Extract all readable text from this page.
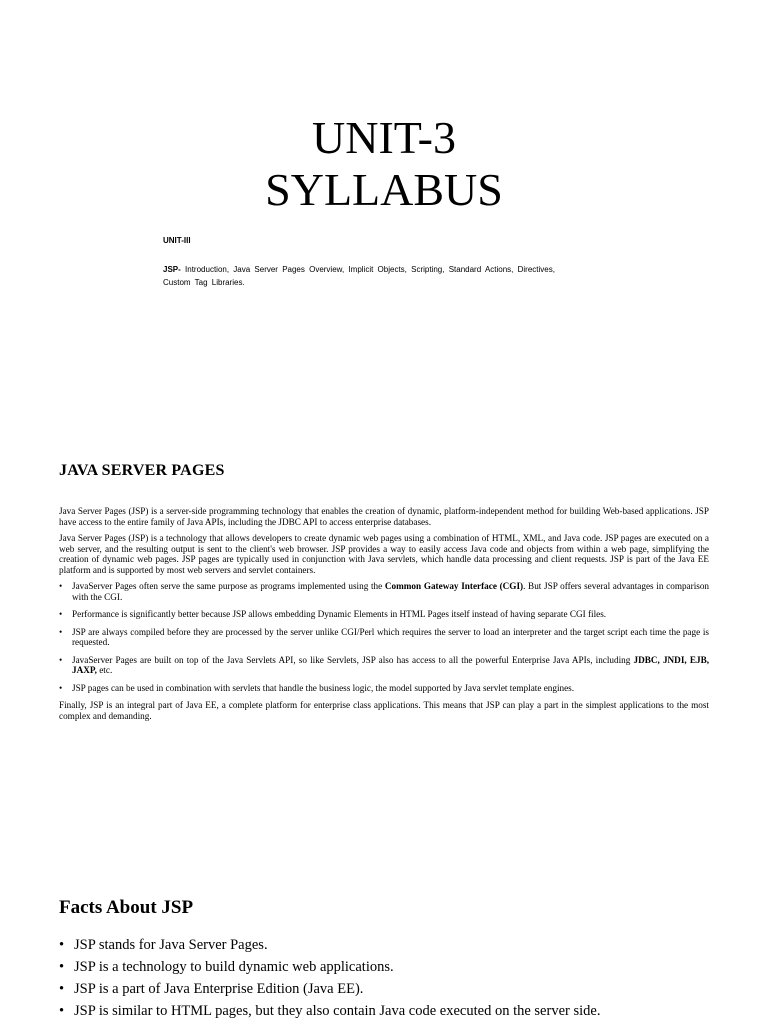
UNIT-3
SYLLABUS
UNIT-III
JSP- Introduction, Java Server Pages Overview, Implicit Objects, Scripting, Standard Actions, Directives, Custom Tag Libraries.
JAVA SERVER PAGES

Java Server Pages (JSP) is a server-side programming technology that enables the creation of dynamic, platform-independent method for building Web-based applications. JSP have access to the entire family of Java APIs, including the JDBC API to access enterprise databases.

Java Server Pages (JSP) is a technology that allows developers to create dynamic web pages using a combination of HTML, XML, and Java code. JSP pages are executed on a web server, and the resulting output is sent to the client's web browser. JSP provides a way to easily access Java code and objects from within a web page, simplifying the creation of dynamic web pages. JSP pages are typically used in conjunction with Java servlets, which handle data processing and client requests. JSP is part of the Java EE platform and is supported by most web servers and servlet containers.

• JavaServer Pages often serve the same purpose as programs implemented using the Common Gateway Interface (CGI). But JSP offers several advantages in comparison with the CGI.
• Performance is significantly better because JSP allows embedding Dynamic Elements in HTML Pages itself instead of having separate CGI files.
• JSP are always compiled before they are processed by the server unlike CGI/Perl which requires the server to load an interpreter and the target script each time the page is requested.
• JavaServer Pages are built on top of the Java Servlets API, so like Servlets, JSP also has access to all the powerful Enterprise Java APIs, including JDBC, JNDI, EJB, JAXP, etc.
• JSP pages can be used in combination with servlets that handle the business logic, the model supported by Java servlet template engines.

Finally, JSP is an integral part of Java EE, a complete platform for enterprise class applications. This means that JSP can play a part in the simplest applications to the most complex and demanding.

Facts About JSP
• JSP stands for Java Server Pages.
• JSP is a technology to build dynamic web applications.
• JSP is a part of Java Enterprise Edition (Java EE).
• JSP is similar to HTML pages, but they also contain Java code executed on the server side.
